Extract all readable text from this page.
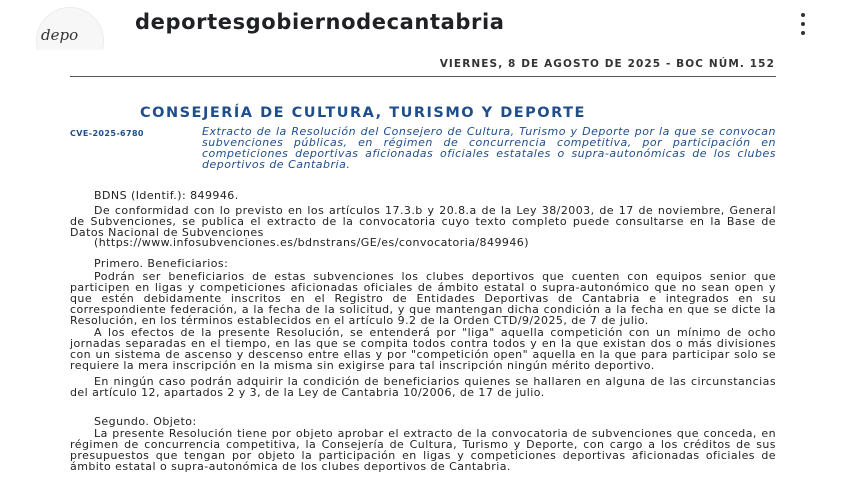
depo
deportesgobiernodecantabria
VIERNES, 8 DE AGOSTO DE 2025 - BOC NÚM. 152
CONSEJERÍA DE CULTURA, TURISMO Y DEPORTE
CVE-2025-6780	Extracto de la Resolución del Consejero de Cultura, Turismo y Deporte por la que se convocan subvenciones públicas, en régimen de concurrencia competitiva, por participación en competiciones deportivas aficionadas oficiales estatales o supra-autonómicas de los clubes deportivos de Cantabria.

BDNS (Identif.): 849946.

De conformidad con lo previsto en los artículos 17.3.b y 20.8.a de la Ley 38/2003, de 17 de noviembre, General de Subvenciones, se publica el extracto de la convocatoria cuyo texto completo puede consultarse en la Base de Datos Nacional de Subvenciones

(https://www.infosubvenciones.es/bdnstrans/GE/es/convocatoria/849946)
Primero. Beneficiarios:

Podrán ser beneficiarios de estas subvenciones los clubes deportivos que cuenten con equipos senior que participen en ligas y competiciones aficionadas oficiales de ámbito estatal o supra-autonómico que no sean open y que estén debidamente inscritos en el Registro de Entidades Deportivas de Cantabria e integrados en su correspondiente federación, a la fecha de la solicitud, y que mantengan dicha condición a la fecha en que se dicte la Resolución, en los términos establecidos en el artículo 9.2 de la Orden CTD/9/2025, de 7 de julio.

A los efectos de la presente Resolución, se entenderá por "liga" aquella competición con un mínimo de ocho jornadas separadas en el tiempo, en las que se compita todos contra todos y en la que existan dos o más divisiones con un sistema de ascenso y descenso entre ellas y por "competición open" aquella en la que para participar solo se requiere la mera inscripción en la misma sin exigirse para tal inscripción ningún mérito deportivo.

En ningún caso podrán adquirir la condición de beneficiarios quienes se hallaren en alguna de las circunstancias del artículo 12, apartados 2 y 3, de la Ley de Cantabria 10/2006, de 17 de julio.

Segundo. Objeto:

La presente Resolución tiene por objeto aprobar el extracto de la convocatoria de subvenciones que conceda, en régimen de concurrencia competitiva, la Consejería de Cultura, Turismo y Deporte, con cargo a los créditos de sus presupuestos que tengan por objeto la participación en ligas y competiciones deportivas aficionadas oficiales de ámbito estatal o supra-autonómica de los clubes deportivos de Cantabria.
